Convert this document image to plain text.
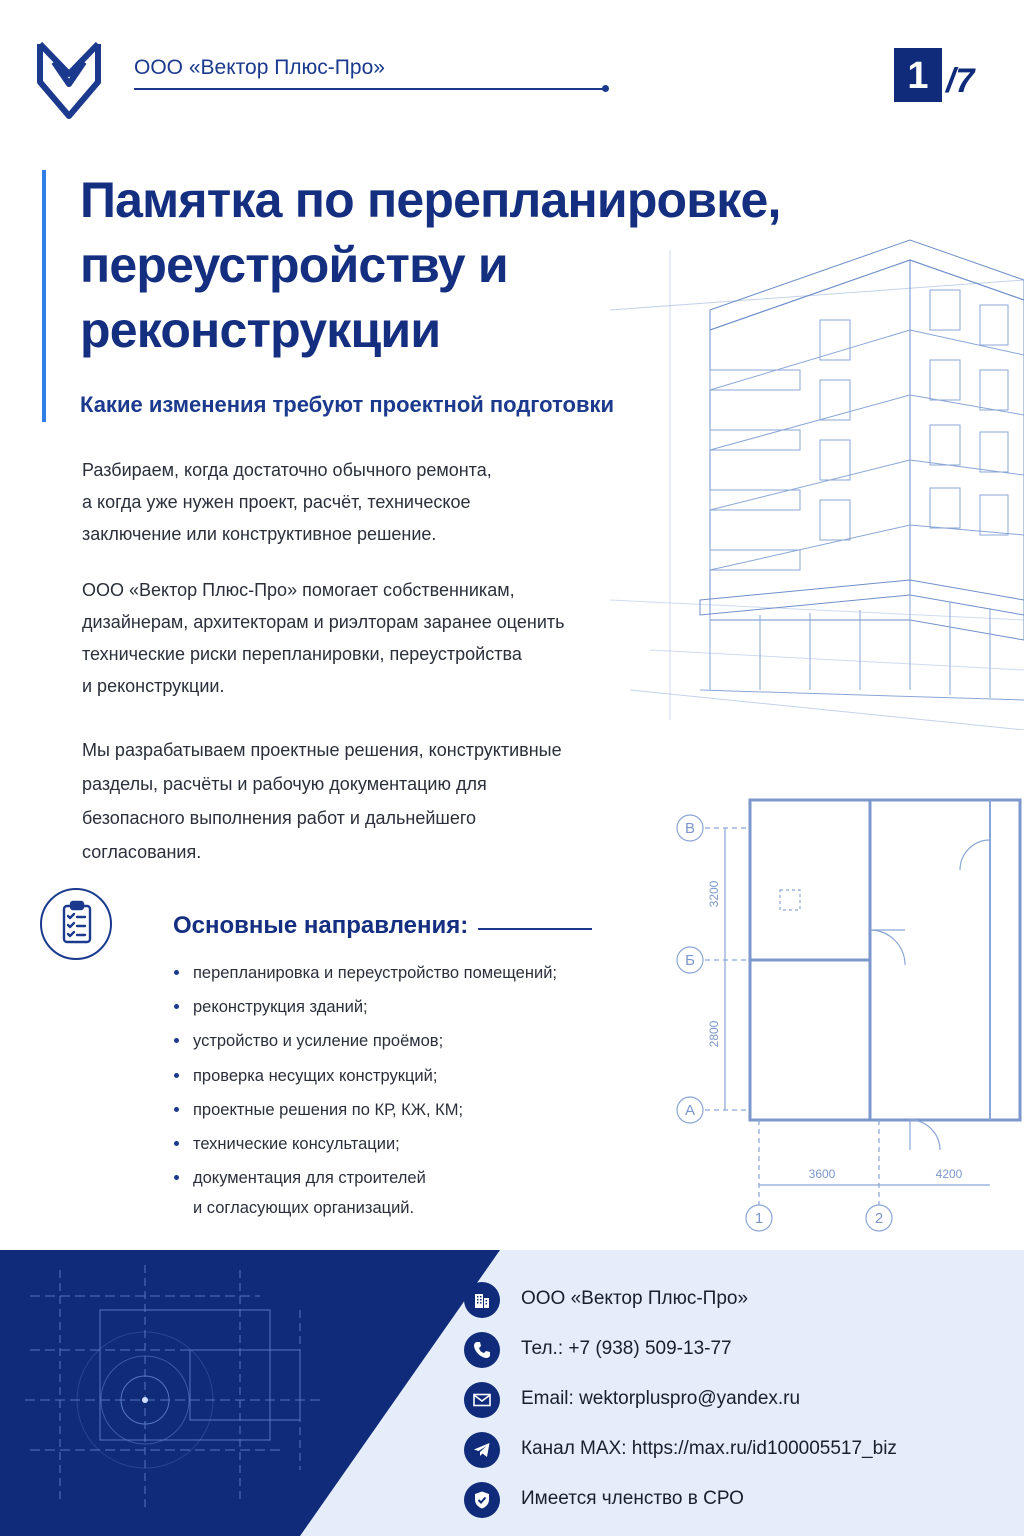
ООО «Вектор Плюс-Про»	1 /7
Памятка по перепланировке,
переустройству и
реконструкции
Какие изменения требуют проектной подготовки
Разбираем, когда достаточно обычного ремонта,
а когда уже нужен проект, расчёт, техническое
заключение или конструктивное решение.
ООО «Вектор Плюс-Про» помогает собственникам,
дизайнерам, архитекторам и риэлторам заранее оценить
технические риски перепланировки, переустройства
и реконструкции.
Мы разрабатываем проектные решения, конструктивные
разделы, расчёты и рабочую документацию для
безопасного выполнения работ и дальнейшего
согласования.
Основные направления:
перепланировка и переустройство помещений;
реконструкция зданий;
устройство и усиление проёмов;
проверка несущих конструкций;
проектные решения по КР, КЖ, КМ;
технические консультации;
документация для строителей
и согласующих организаций.
В
Б
А
1	2
3200
2800
3600	4200
ООО «Вектор Плюс-Про»
Тел.: +7 (938) 509-13-77
Email: wektorpluspro@yandex.ru
Канал MAX: https://max.ru/id100005517_biz
Имеется членство в СРО
